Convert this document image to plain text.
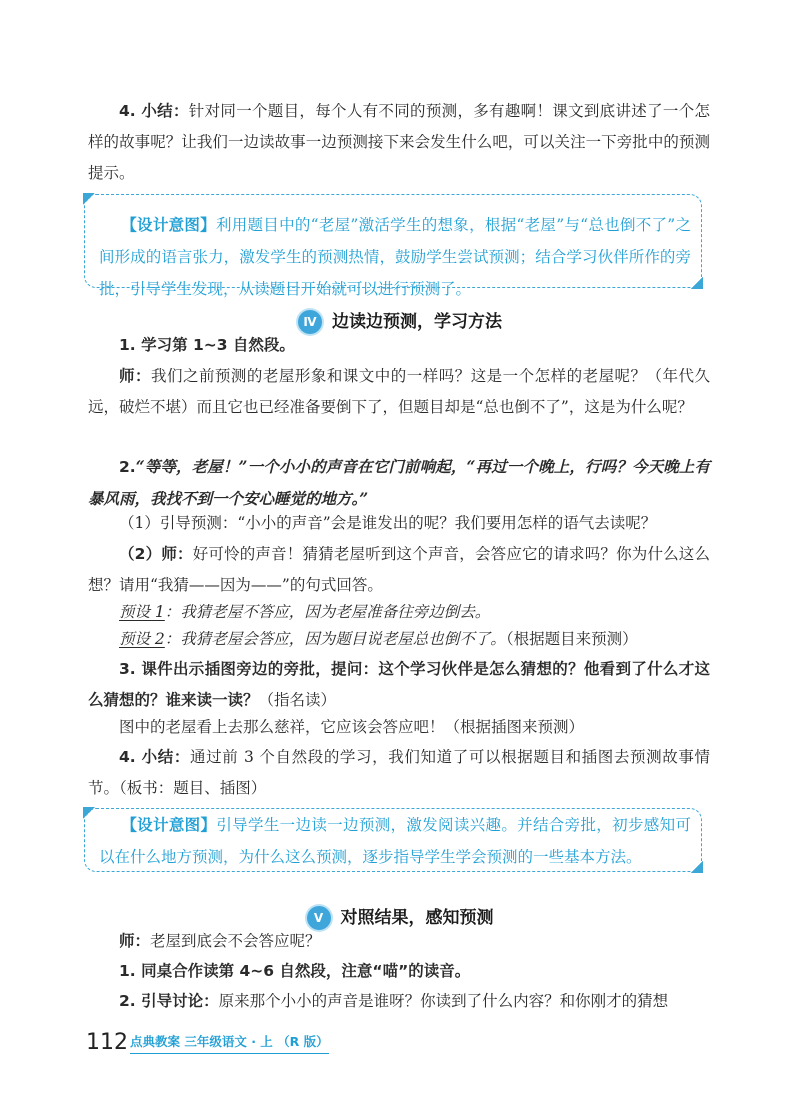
4. 小结：针对同一个题目，每个人有不同的预测，多有趣啊！课文到底讲述了一个怎样的故事呢？让我们一边读故事一边预测接下来会发生什么吧，可以关注一下旁批中的预测提示。

【设计意图】利用题目中的“老屋”激活学生的想象，根据“老屋”与“总也倒不了”之间形成的语言张力，激发学生的预测热情，鼓励学生尝试预测；结合学习伙伴所作的旁批，引导学生发现，从读题目开始就可以进行预测了。
Ⅳ 边读边预测，学习方法

1. 学习第 1~3 自然段。

师：我们之前预测的老屋形象和课文中的一样吗？这是一个怎样的老屋呢？（年代久远，破烂不堪）而且它也已经准备要倒下了，但题目却是“总也倒不了”，这是为什么呢？

2.“等等，老屋！”一个小小的声音在它门前响起，“再过一个晚上，行吗？今天晚上有暴风雨，我找不到一个安心睡觉的地方。”

（1）引导预测：“小小的声音”会是谁发出的呢？我们要用怎样的语气去读呢？

（2）师：好可怜的声音！猜猜老屋听到这个声音，会答应它的请求吗？你为什么这么想？请用“我猜——因为——”的句式回答。

预设 1：我猜老屋不答应，因为老屋准备往旁边倒去。

预设 2：我猜老屋会答应，因为题目说老屋总也倒不了。（根据题目来预测）

3. 课件出示插图旁边的旁批，提问：这个学习伙伴是怎么猜想的？他看到了什么才这么猜想的？谁来读一读？（指名读）

图中的老屋看上去那么慈祥，它应该会答应吧！（根据插图来预测）

4. 小结：通过前 3 个自然段的学习，我们知道了可以根据题目和插图去预测故事情节。（板书：题目、插图）

【设计意图】引导学生一边读一边预测，激发阅读兴趣。并结合旁批，初步感知可以在什么地方预测，为什么这么预测，逐步指导学生学会预测的一些基本方法。
Ⅴ 对照结果，感知预测

师：老屋到底会不会答应呢？

1. 同桌合作读第 4~6 自然段，注意“喵”的读音。

2. 引导讨论：原来那个小小的声音是谁呀？你读到了什么内容？和你刚才的猜想

112 点典教案 三年级语文 · 上 （R 版）
